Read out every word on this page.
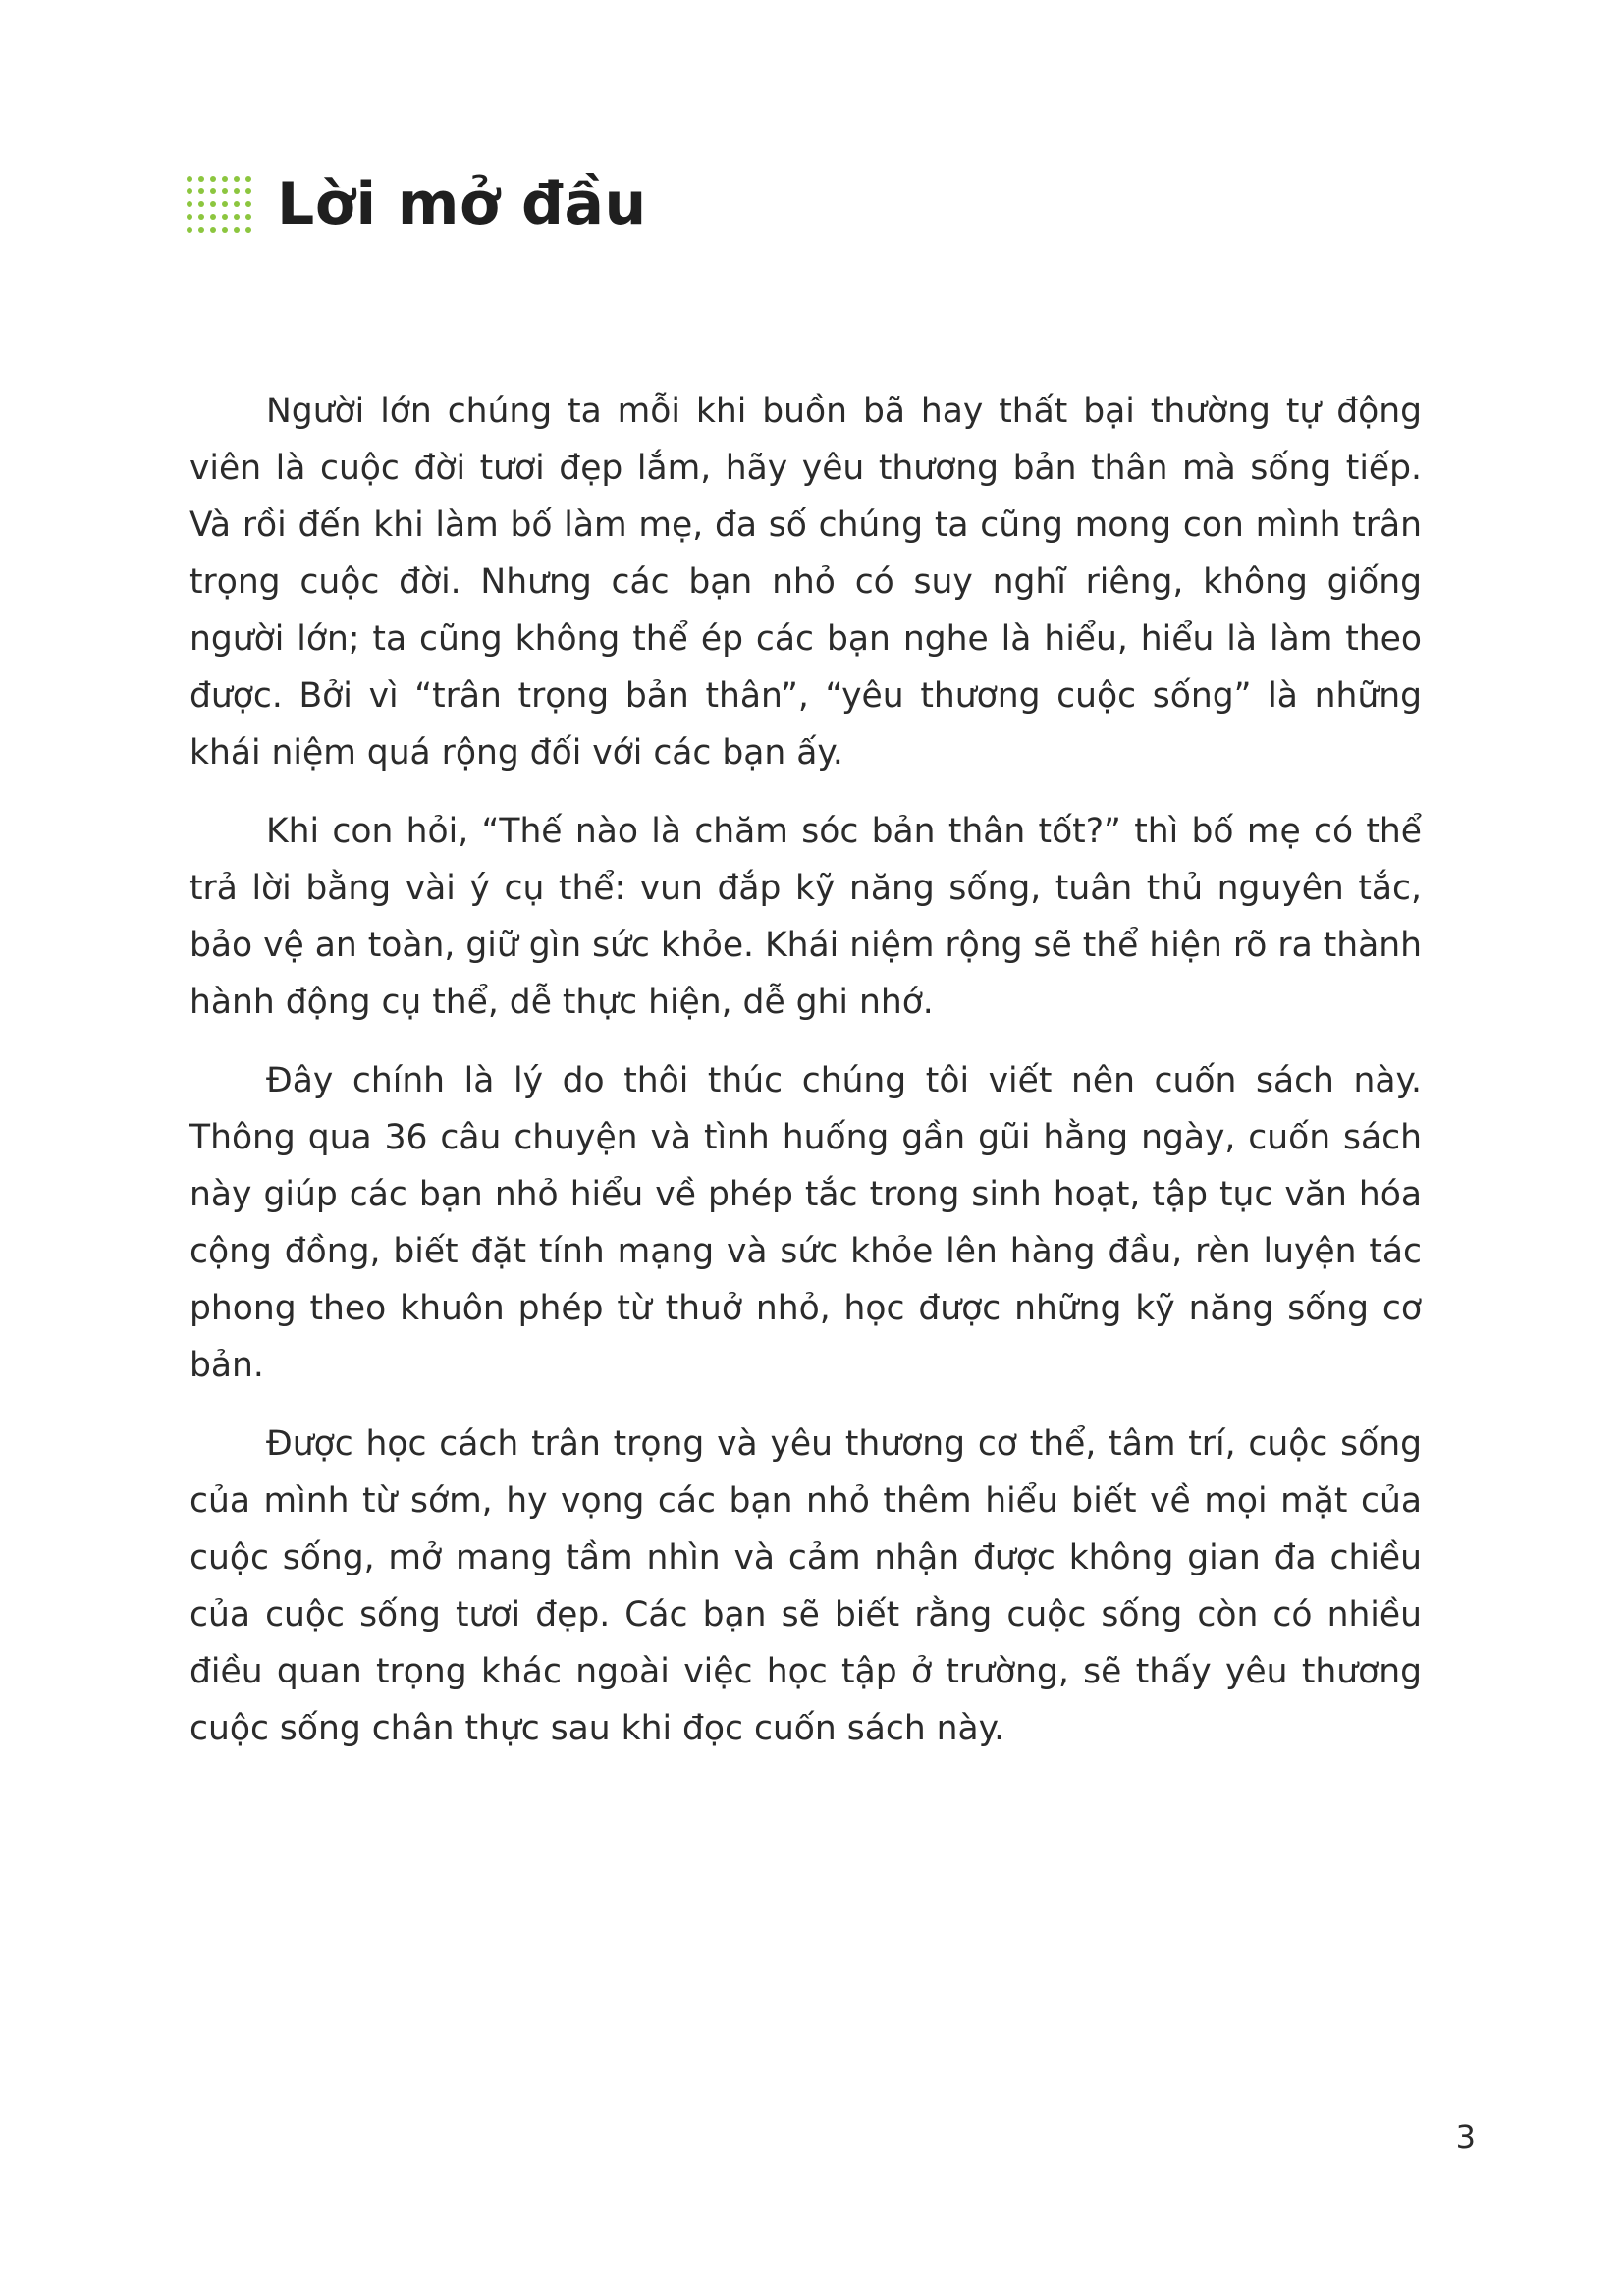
Lời mở đầu

Người lớn chúng ta mỗi khi buồn bã hay thất bại thường tự động viên là cuộc đời tươi đẹp lắm, hãy yêu thương bản thân mà sống tiếp. Và rồi đến khi làm bố làm mẹ, đa số chúng ta cũng mong con mình trân trọng cuộc đời. Nhưng các bạn nhỏ có suy nghĩ riêng, không giống người lớn; ta cũng không thể ép các bạn nghe là hiểu, hiểu là làm theo được. Bởi vì “trân trọng bản thân”, “yêu thương cuộc sống” là những khái niệm quá rộng đối với các bạn ấy.

Khi con hỏi, “Thế nào là chăm sóc bản thân tốt?” thì bố mẹ có thể trả lời bằng vài ý cụ thể: vun đắp kỹ năng sống, tuân thủ nguyên tắc, bảo vệ an toàn, giữ gìn sức khỏe. Khái niệm rộng sẽ thể hiện rõ ra thành hành động cụ thể, dễ thực hiện, dễ ghi nhớ.

Đây chính là lý do thôi thúc chúng tôi viết nên cuốn sách này. Thông qua 36 câu chuyện và tình huống gần gũi hằng ngày, cuốn sách này giúp các bạn nhỏ hiểu về phép tắc trong sinh hoạt, tập tục văn hóa cộng đồng, biết đặt tính mạng và sức khỏe lên hàng đầu, rèn luyện tác phong theo khuôn phép từ thuở nhỏ, học được những kỹ năng sống cơ bản.

Được học cách trân trọng và yêu thương cơ thể, tâm trí, cuộc sống của mình từ sớm, hy vọng các bạn nhỏ thêm hiểu biết về mọi mặt của cuộc sống, mở mang tầm nhìn và cảm nhận được không gian đa chiều của cuộc sống tươi đẹp. Các bạn sẽ biết rằng cuộc sống còn có nhiều điều quan trọng khác ngoài việc học tập ở trường, sẽ thấy yêu thương cuộc sống chân thực sau khi đọc cuốn sách này.

3
